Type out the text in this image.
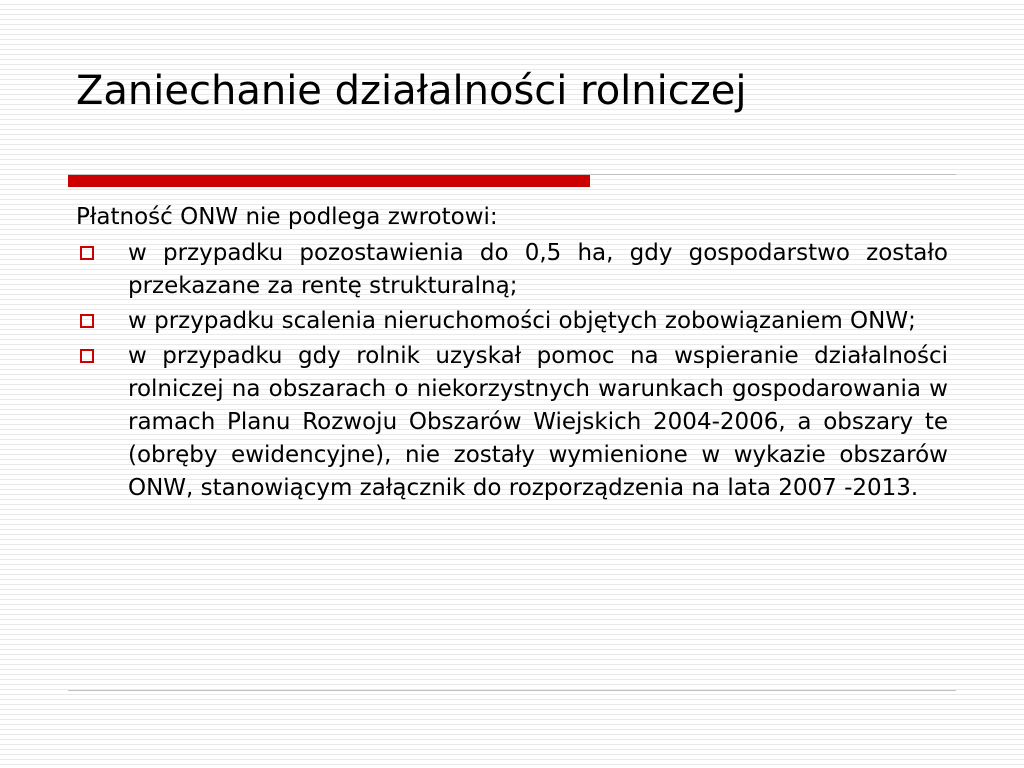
Zaniechanie działalności rolniczej

Płatność ONW nie podlega zwrotowi:

w przypadku pozostawienia do 0,5 ha, gdy gospodarstwo zostało przekazane za rentę strukturalną;
w przypadku scalenia nieruchomości objętych zobowiązaniem ONW;
w przypadku gdy rolnik uzyskał pomoc na wspieranie działalności rolniczej na obszarach o niekorzystnych warunkach gospodarowania w ramach Planu Rozwoju Obszarów Wiejskich 2004-2006, a obszary te (obręby ewidencyjne), nie zostały wymienione w wykazie obszarów ONW, stanowiącym załącznik do rozporządzenia na lata 2007 -2013.
